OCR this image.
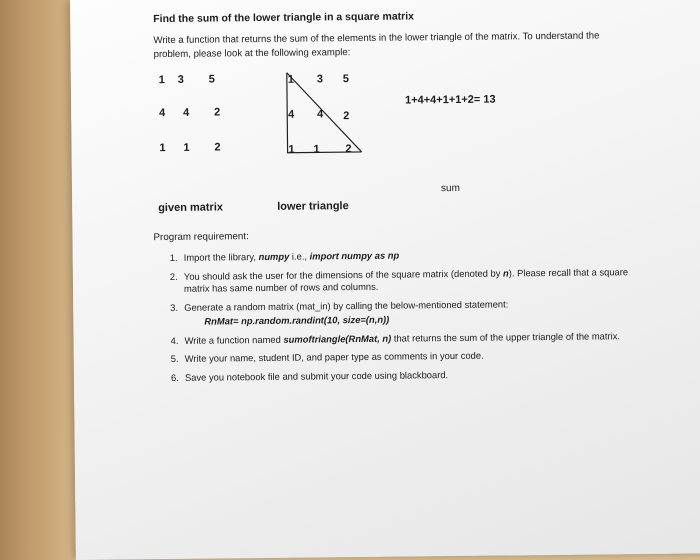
Find the sum of the lower triangle in a square matrix
Write a function that returns the sum of the elements in the lower triangle of the matrix. To understand the problem, please look at the following example:
1 3 5
4 4 2
1 1 2
1 3 5
4 4 2
1 1 2
1+4+4+1+1+2= 13
given matrix	lower triangle
sum
Program requirement:
1. Import the library, numpy i.e., import numpy as np
2. You should ask the user for the dimensions of the square matrix (denoted by n). Please recall that a square matrix has same number of rows and columns.
3. Generate a random matrix (mat_in) by calling the below-mentioned statement:
RnMat= np.random.randint(10, size=(n,n))
4. Write a function named sumoftriangle(RnMat, n) that returns the sum of the upper triangle of the matrix.
5. Write your name, student ID, and paper type as comments in your code.
6. Save you notebook file and submit your code using blackboard.
